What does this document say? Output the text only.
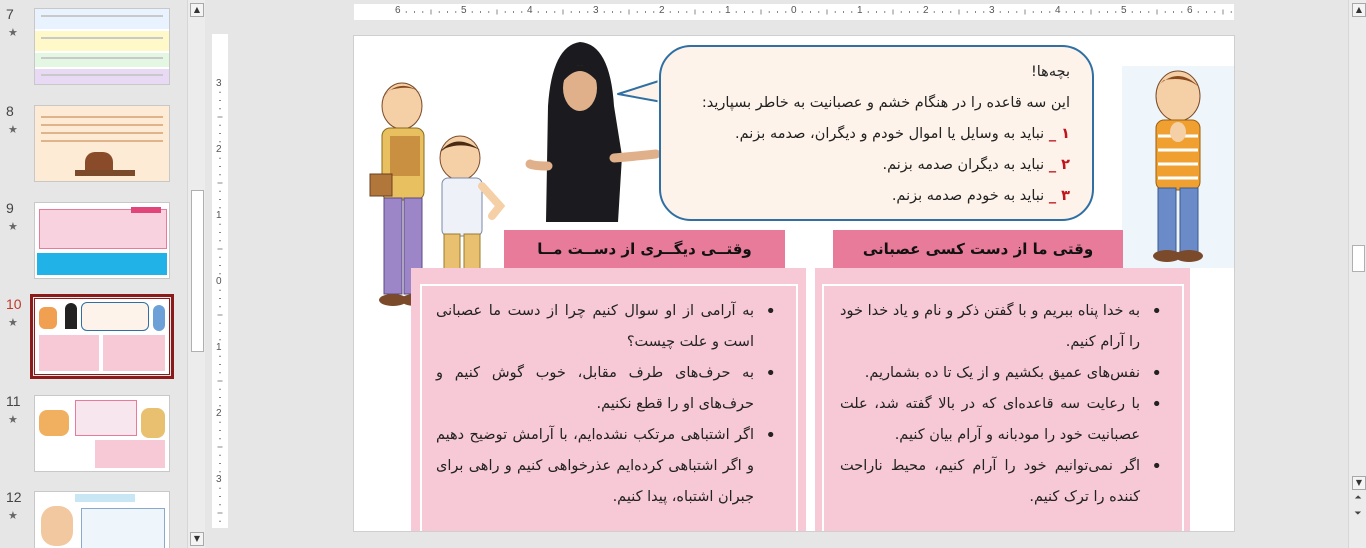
7
★
8
★
9
★
10
★
11
★
12
★
▲
▼
6	5	4	3	2	1	0	1	2	3	4	5	6
3
2
1
0
1
2
3
▲
▼
⏶
⏷
بچه‌ها!
این سه قاعده را در هنگام خشم و عصبانیت به خاطر بسپارید:
۱ _ نباید به وسایل یا اموال خودم و دیگران، صدمه بزنم.
۲ _ نباید به دیگران صدمه بزنم.
۳ _ نباید به خودم صدمه بزنم.
وقتی ما از دست کسی عصبانی
• به خدا پناه ببریم و با گفتن ذکر و نام و یاد خدا خود را آرام کنیم.
• نفس‌های عمیق بکشیم و از یک تا ده بشماریم.
• با رعایت سه قاعده‌ای که در بالا گفته شد، علت عصبانیت خود را مودبانه و آرام بیان کنیم.
• اگر نمی‌توانیم خود را آرام کنیم، محیط ناراحت کننده را ترک کنیم.
وقتــی دیگــری از دســت مــا
• به آرامی از او سوال کنیم چرا از دست ما عصبانی است و علت چیست؟
• به حرف‌های طرف مقابل، خوب گوش کنیم و حرف‌های او را قطع نکنیم.
• اگر اشتباهی مرتکب نشده‌ایم، با آرامش توضیح دهیم و اگر اشتباهی کرده‌ایم عذرخواهی کنیم و راهی برای جبران اشتباه، پیدا کنیم.
